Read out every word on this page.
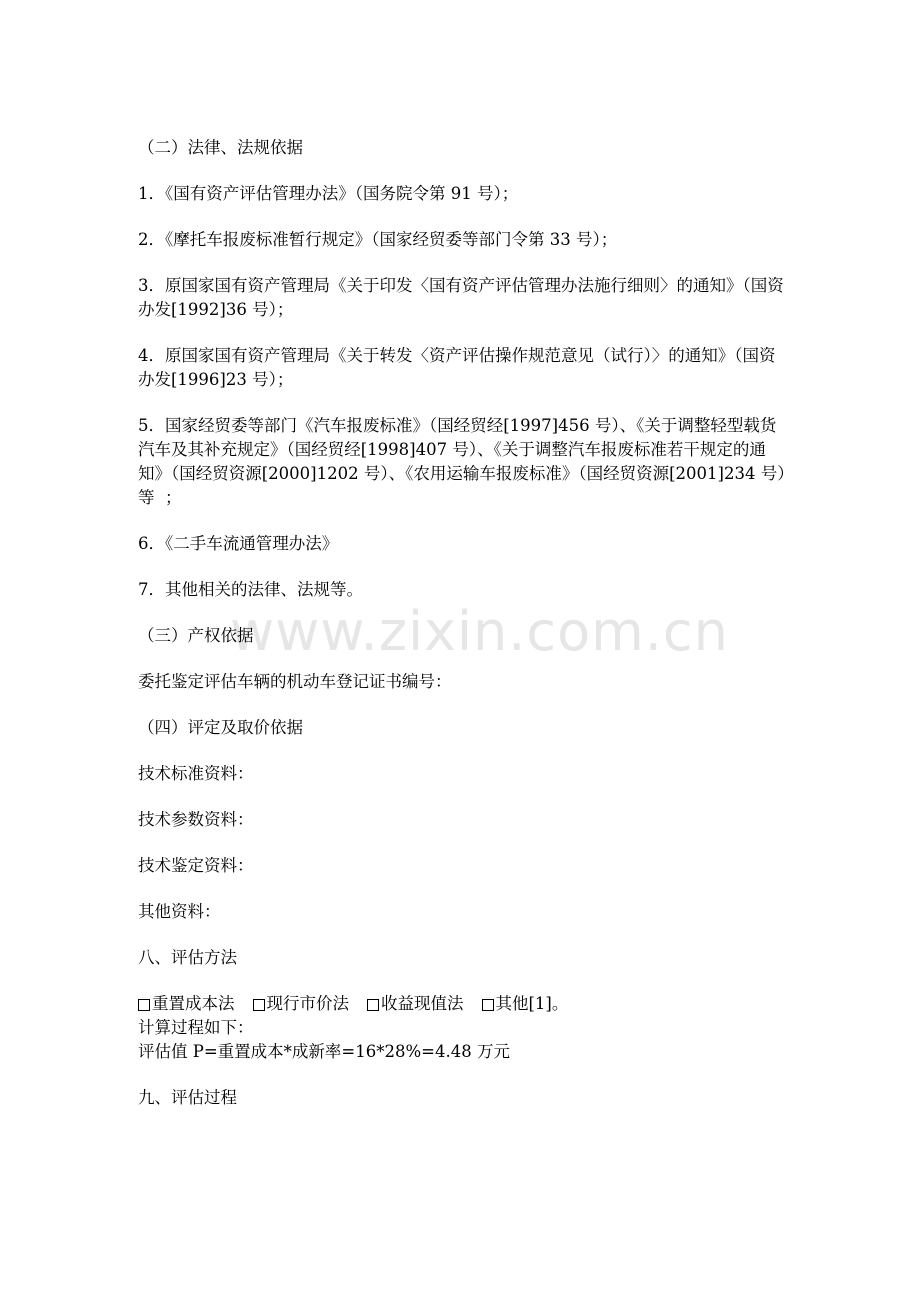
www.zixin.com.cn

（二）法律、法规依据

1．《国有资产评估管理办法》（国务院令第 91 号）；

2．《摩托车报废标准暂行规定》（国家经贸委等部门令第 33 号）；

3．原国家国有资产管理局《关于印发〈国有资产评估管理办法施行细则〉的通知》（国资办发[1992]36 号）；

4．原国家国有资产管理局《关于转发〈资产评估操作规范意见（试行）〉的通知》（国资办发[1996]23 号）；

5．国家经贸委等部门《汽车报废标准》（国经贸经[1997]456 号）、《关于调整轻型载货汽车及其补充规定》（国经贸经[1998]407 号）、《关于调整汽车报废标准若干规定的通知》（国经贸资源[2000]1202 号）、《农用运输车报废标准》（国经贸资源[2001]234 号）等  ；

6．《二手车流通管理办法》

7．其他相关的法律、法规等。

（三）产权依据

委托鉴定评估车辆的机动车登记证书编号：

（四）评定及取价依据

技术标准资料：

技术参数资料：

技术鉴定资料：

其他资料：

八、评估方法

重置成本法 现行市价法 收益现值法 其他[1]。

计算过程如下：

评估值 P=重置成本*成新率=16*28%=4.48 万元

九、评估过程
